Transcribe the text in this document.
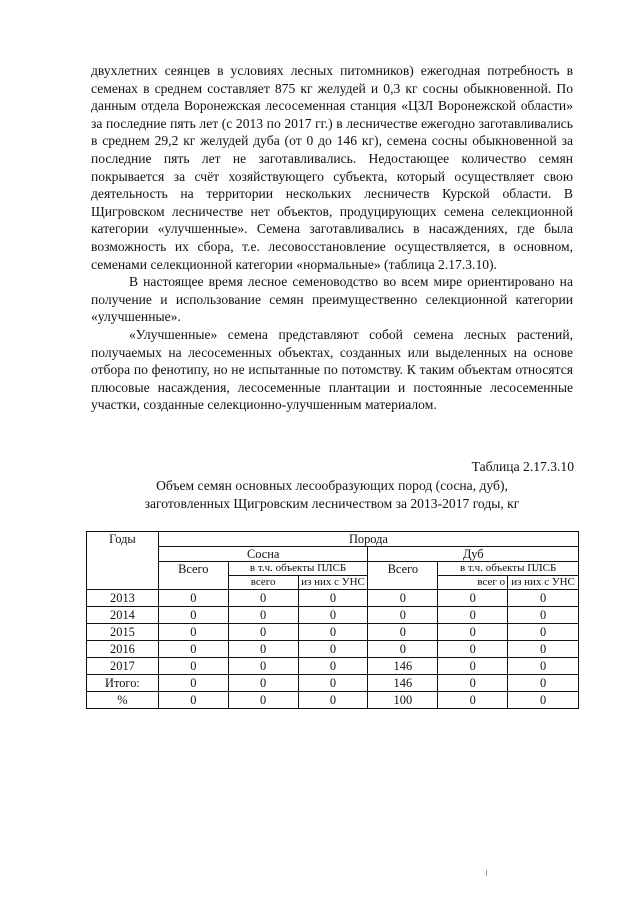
двухлетних сеянцев в условиях лесных питомников) ежегодная потребность в семенах в среднем составляет 875 кг желудей и 0,3 кг сосны обыкновенной. По данным отдела Воронежская лесосеменная станция «ЦЗЛ Воронежской области» за последние пять лет (с 2013 по 2017 гг.) в лесничестве ежегодно заготавливались в среднем 29,2 кг желудей дуба (от 0 до 146 кг), семена сосны обыкновенной за последние пять лет не заготавливались. Недостающее количество семян покрывается за счёт хозяйствующего субъекта, который осуществляет свою деятельность на территории нескольких лесничеств Курской области. В Щигровском лесничестве нет объектов, продуцирующих семена селекционной категории «улучшенные». Семена заготавливались в насаждениях, где была возможность их сбора, т.е. лесовосстановление осуществляется, в основном, семенами селекционной категории «нормальные» (таблица 2.17.3.10).

В настоящее время лесное семеноводство во всем мире ориентировано на получение и использование семян преимущественно селекционной категории «улучшенные».

«Улучшенные» семена представляют собой семена лесных растений, получаемых на лесосеменных объектах, созданных или выделенных на основе отбора по фенотипу, но не испытанные по потомству. К таким объектам относятся плюсовые насаждения, лесосеменные плантации и постоянные лесосеменные участки, созданные селекционно-улучшенным материалом.

Таблица 2.17.3.10
Объем семян основных лесообразующих пород (сосна, дуб),
заготовленных Щигровским лесничеством за 2013-2017 годы, кг
Годы	Порода					
	Сосна			Дуб		
	Всего	в т.ч. объекты ПЛСБ		Всего	в т.ч. объекты ПЛСБ	
		всего	из них с УНС		всег о	из них с УНС
2013	0	0	0	0	0	0
2014	0	0	0	0	0	0
2015	0	0	0	0	0	0
2016	0	0	0	0	0	0
2017	0	0	0	146	0	0
Итого:	0	0	0	146	0	0
%	0	0	0	100	0	0
